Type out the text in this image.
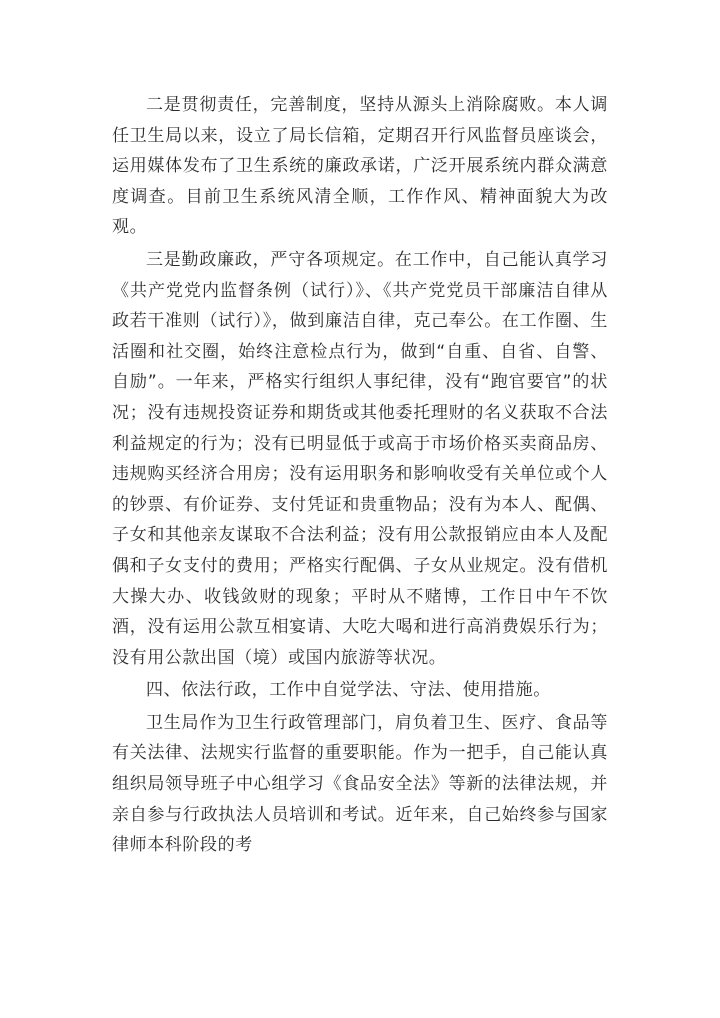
二是贯彻责任，完善制度，坚持从源头上消除腐败。本人调任卫生局以来，设立了局长信箱，定期召开行风监督员座谈会，运用媒体发布了卫生系统的廉政承诺，广泛开展系统内群众满意度调查。目前卫生系统风清全顺，工作作风、精神面貌大为改观。

三是勤政廉政，严守各项规定。在工作中，自己能认真学习《共产党党内监督条例（试行）》、《共产党党员干部廉洁自律从政若干准则（试行）》，做到廉洁自律，克己奉公。在工作圈、生活圈和社交圈，始终注意检点行为，做到“自重、自省、自警、自励”。一年来，严格实行组织人事纪律，没有“跑官要官”的状况；没有违规投资证券和期货或其他委托理财的名义获取不合法利益规定的行为；没有已明显低于或高于市场价格买卖商品房、违规购买经济合用房；没有运用职务和影响收受有关单位或个人的钞票、有价证券、支付凭证和贵重物品；没有为本人、配偶、子女和其他亲友谋取不合法利益；没有用公款报销应由本人及配偶和子女支付的费用；严格实行配偶、子女从业规定。没有借机大操大办、收钱敛财的现象；平时从不赌博，工作日中午不饮酒，没有运用公款互相宴请、大吃大喝和进行高消费娱乐行为；没有用公款出国（境）或国内旅游等状况。

四、依法行政，工作中自觉学法、守法、使用措施。

卫生局作为卫生行政管理部门，肩负着卫生、医疗、食品等有关法律、法规实行监督的重要职能。作为一把手，自己能认真组织局领导班子中心组学习《食品安全法》等新的法律法规，并亲自参与行政执法人员培训和考试。近年来，自己始终参与国家律师本科阶段的考
